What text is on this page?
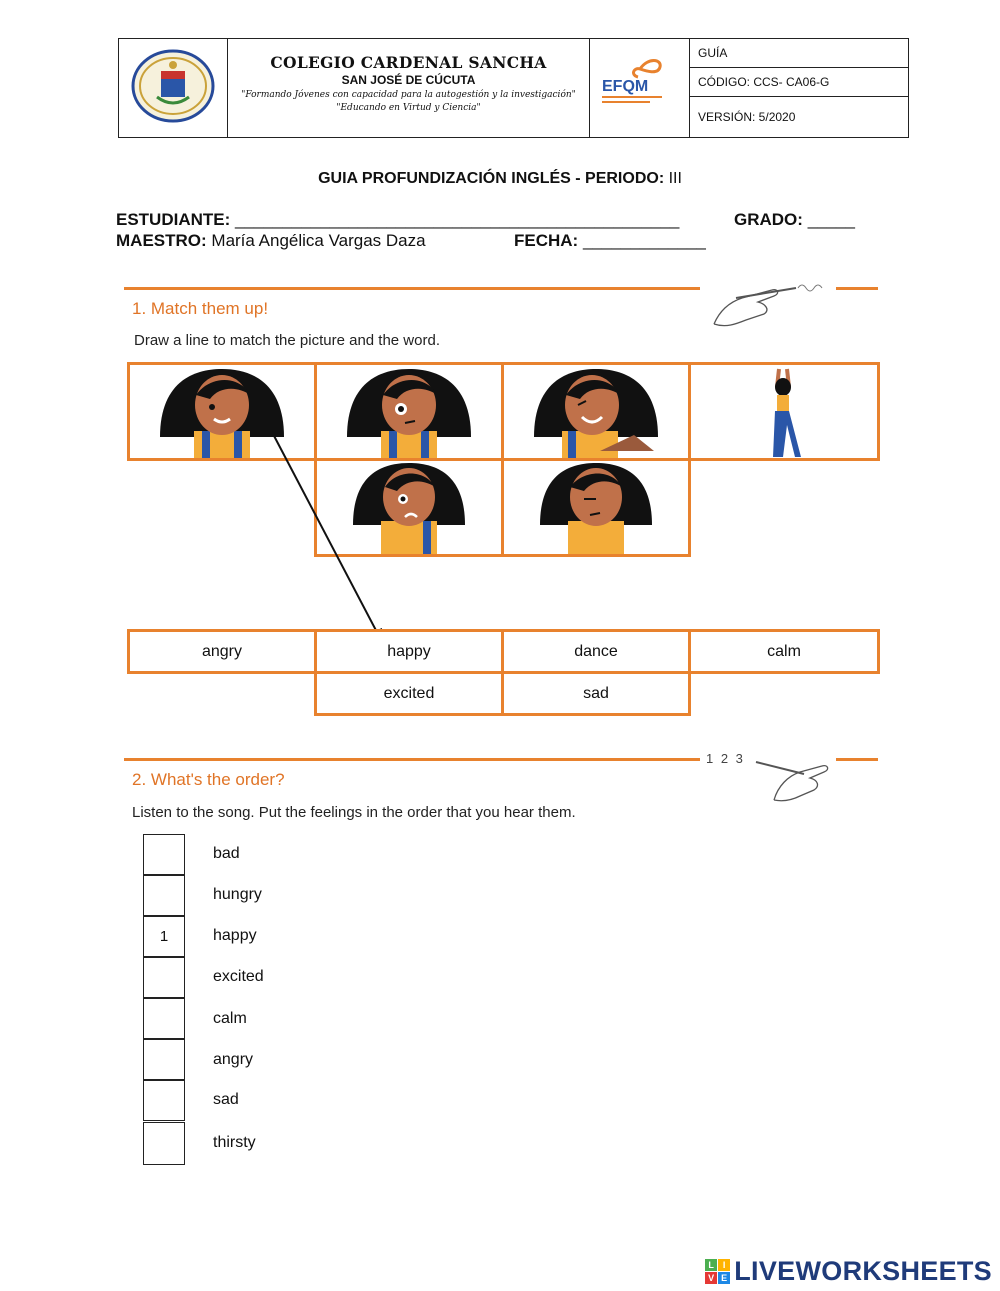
COLEGIO CARDENAL SANCHA
SAN JOSÉ DE CÚCUTA
"Formando Jóvenes con capacidad para la autogestión y la investigación"
"Educando en Virtud y Ciencia"
EFQM
GUÍA
CÓDIGO: CCS- CA06-G
VERSIÓN: 5/2020
GUIA PROFUNDIZACIÓN INGLÉS - PERIODO: III
ESTUDIANTE: _______________________________________________	GRADO: _____
MAESTRO: María Angélica Vargas Daza	FECHA: _____________
1. Match them up!
Draw a line to match the picture and the word.
angry	happy	dance	calm
excited	sad
1 2 3
2. What's the order?
Listen to the song. Put the feelings in the order that you hear them.
bad
hungry
1	happy
excited
calm
angry
sad
thirsty
L I
V E LIVEWORKSHEETS
